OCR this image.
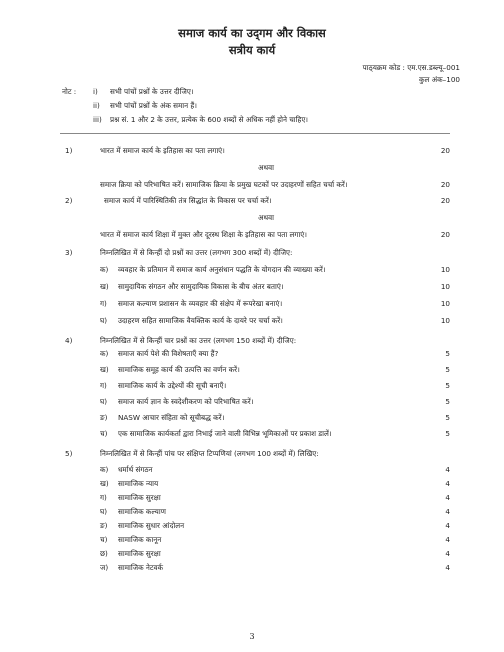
समाज कार्य का उद्‌गम और विकास
सत्रीय कार्य
पाठ्‌यक्रम कोड : एम.एस.डब्ल्यू–001
कुल अंक–100
नोट : i) सभी पांचों प्रश्नों के उत्तर दीजिए।
ii) सभी पांचों प्रश्नों के अंक समान हैं।
iii) प्रश्न सं. 1 और 2 के उत्तर, प्रत्येक के 600 शब्दों से अधिक नहीं होने चाहिए।
1)	भारत में समाज कार्य के इतिहास का पता लगाएं।	20
अथवा
समाज क्रिया को परिभाषित करें। सामाजिक क्रिया के प्रमुख घटकों पर उदाहरणों सहित चर्चा करें।	20
2)	समाज कार्य में पारिस्थितिकी तंत्र सिद्धांत के विकास पर चर्चा करें।	20
अथवा
भारत में समाज कार्य शिक्षा में मुक्त और दूरस्थ शिक्षा के इतिहास का पता लगाएं।	20
3)	निम्नलिखित में से किन्हीं दो प्रश्नों का उत्तर (लगभग 300 शब्दों में) दीजिए:
क) व्यवहार के प्रतिमान में समाज कार्य अनुसंधान पद्धति के योगदान की व्याख्या करें।	10
ख) सामुदायिक संगठन और सामुदायिक विकास के बीच अंतर बताएं।	10
ग) समाज कल्याण प्रशासन के व्यवहार की संक्षेप में रूपरेखा बनाएं।	10
घ) उदाहरण सहित सामाजिक वैयक्तिक कार्य के दायरे पर चर्चा करें।	10
4)	निम्नलिखित में से किन्हीं चार प्रश्नों का उत्तर (लगभग 150 शब्दों में) दीजिए:
क) समाज कार्य पेशे की विशेषताएँ क्या हैं?	5
ख) सामाजिक समूह कार्य की उत्पत्ति का वर्णन करें।	5
ग) सामाजिक कार्य के उद्देश्यों की सूची बनाएँ।	5
घ) समाज कार्य ज्ञान के स्वदेशीकरण को परिभाषित करें।	5
ङ) NASW आचार संहिता को सूचीबद्ध करें।	5
च) एक सामाजिक कार्यकर्ता द्वारा निभाई जाने वाली विभिन्न भूमिकाओं पर प्रकाश डालें।	5
5)	निम्नलिखित में से किन्हीं पांच पर संक्षिप्त टिप्पणियां (लगभग 100 शब्दों में) लिखिए:
क) धर्मार्थ संगठन	4
ख) सामाजिक न्याय	4
ग) सामाजिक सुरक्षा	4
घ) सामाजिक कल्याण	4
ङ) सामाजिक सुधार आंदोलन	4
च) सामाजिक कानून	4
छ) सामाजिक सुरक्षा	4
ज) सामाजिक नेटवर्क	4
3
